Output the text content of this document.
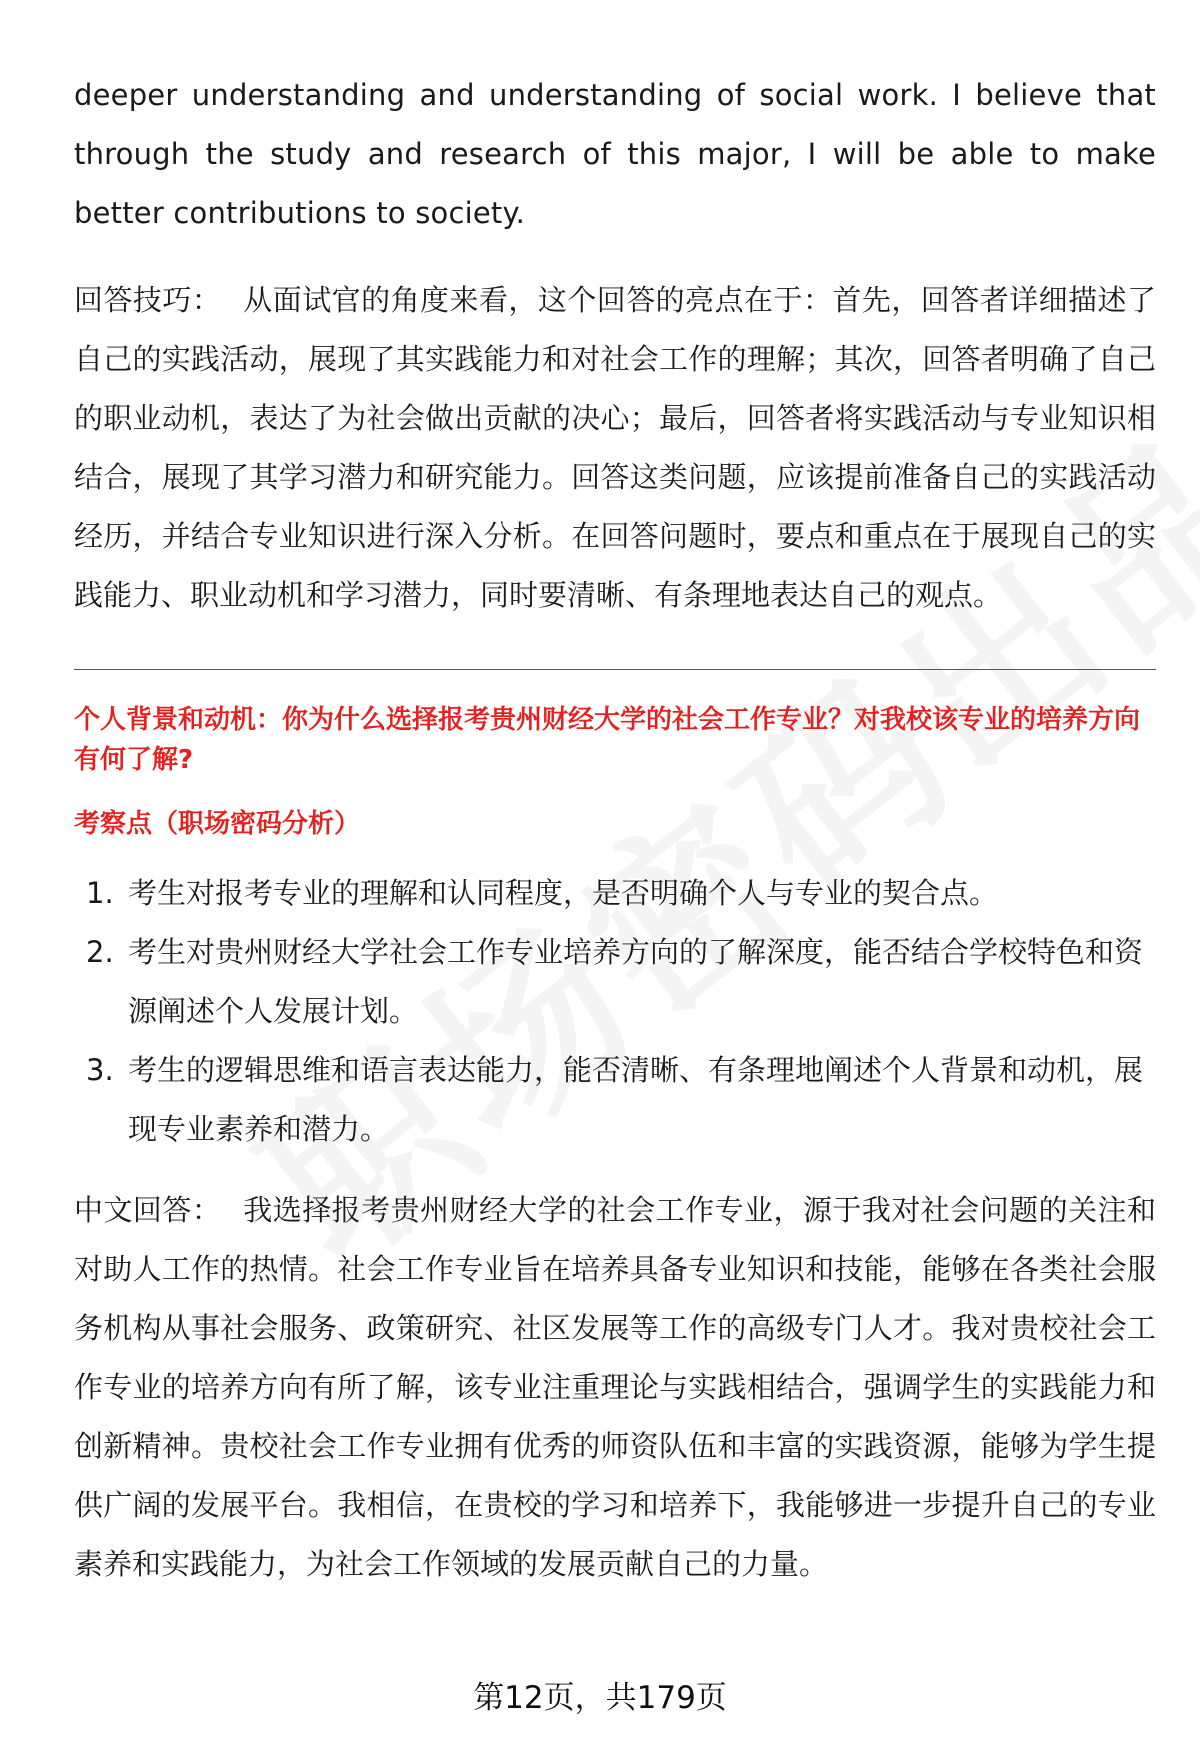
deeper understanding and understanding of social work. I believe that through the study and research of this major, I will be able to make better contributions to society.

回答技巧： 从面试官的角度来看，这个回答的亮点在于：首先，回答者详细描述了自己的实践活动，展现了其实践能力和对社会工作的理解；其次，回答者明确了自己的职业动机，表达了为社会做出贡献的决心；最后，回答者将实践活动与专业知识相结合，展现了其学习潜力和研究能力。回答这类问题，应该提前准备自己的实践活动经历，并结合专业知识进行深入分析。在回答问题时，要点和重点在于展现自己的实践能力、职业动机和学习潜力，同时要清晰、有条理地表达自己的观点。

个人背景和动机：你为什么选择报考贵州财经大学的社会工作专业？对我校该专业的培养方向有何了解?

考察点（职场密码分析）

1. 考生对报考专业的理解和认同程度，是否明确个人与专业的契合点。
2. 考生对贵州财经大学社会工作专业培养方向的了解深度，能否结合学校特色和资源阐述个人发展计划。
3. 考生的逻辑思维和语言表达能力，能否清晰、有条理地阐述个人背景和动机，展现专业素养和潜力。

中文回答： 我选择报考贵州财经大学的社会工作专业，源于我对社会问题的关注和对助人工作的热情。社会工作专业旨在培养具备专业知识和技能，能够在各类社会服务机构从事社会服务、政策研究、社区发展等工作的高级专门人才。我对贵校社会工作专业的培养方向有所了解，该专业注重理论与实践相结合，强调学生的实践能力和创新精神。贵校社会工作专业拥有优秀的师资队伍和丰富的实践资源，能够为学生提供广阔的发展平台。我相信，在贵校的学习和培养下，我能够进一步提升自己的专业素养和实践能力，为社会工作领域的发展贡献自己的力量。

第12页，共179页
